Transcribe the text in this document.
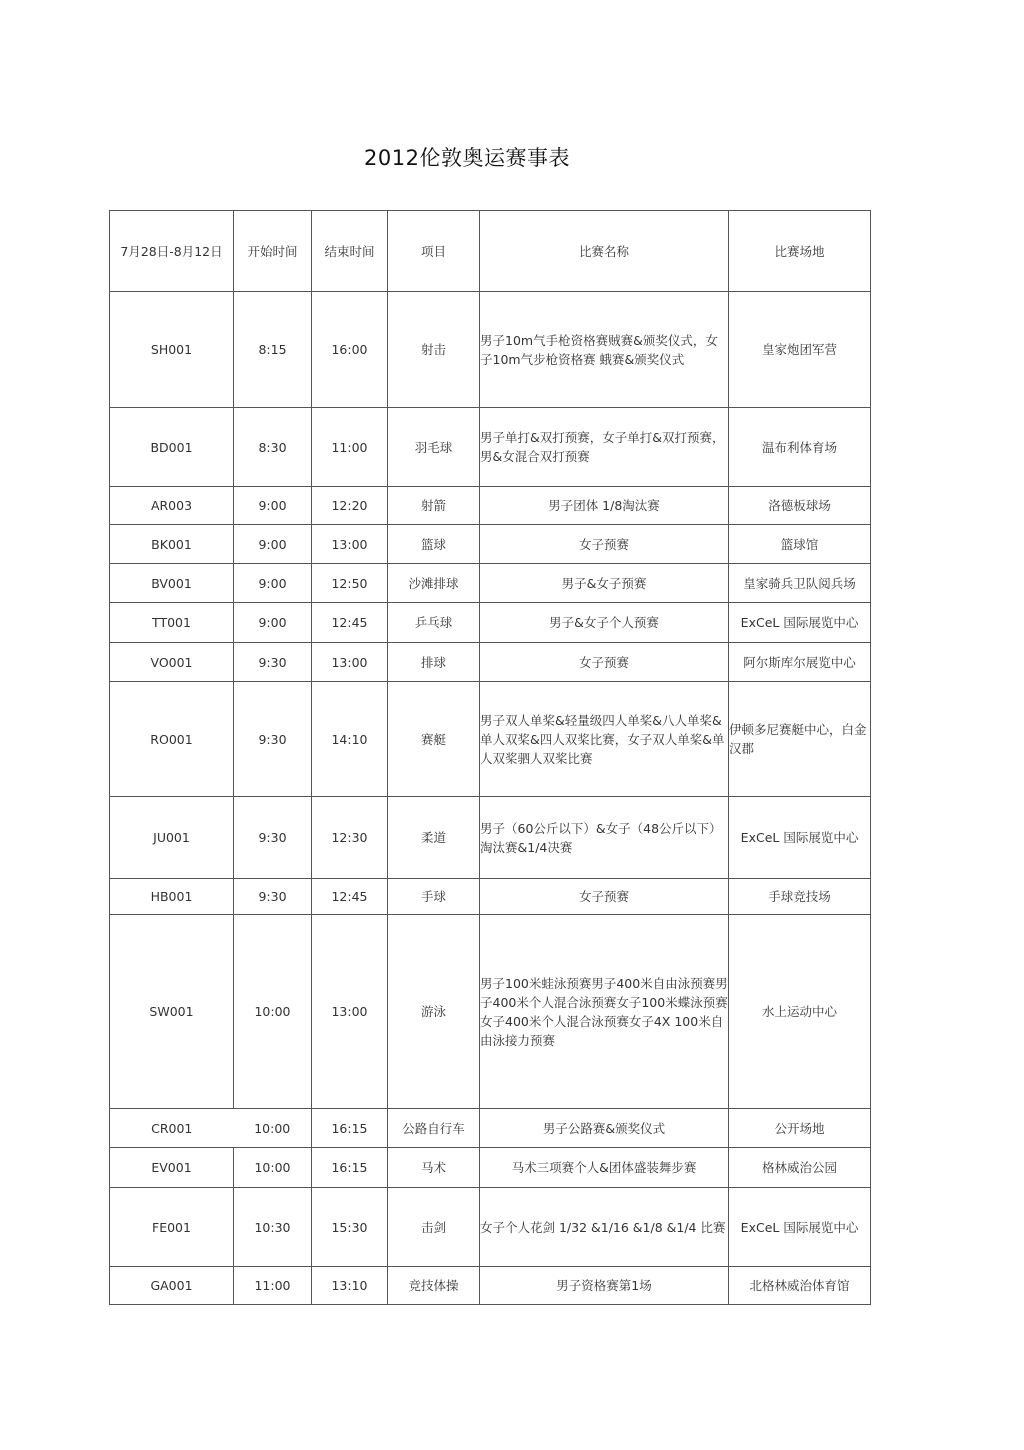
2012伦敦奥运赛事表
7月28日-8月12日	开始时间	结束时间	项目	比赛名称	比赛场地
SH001	8:15	16:00	射击	男子10m气手枪资格赛贼赛&颁奖仪式，女子10m气步枪资格赛 蛾赛&颁奖仪式	皇家炮团军营
BD001	8:30	11:00	羽毛球	男子单打&双打预赛，女子单打&双打预赛，男&女混合双打预赛	温布利体育场
AR003	9:00	12:20	射箭	男子团体 1/8淘汰赛	洛德板球场
BK001	9:00	13:00	篮球	女子预赛	篮球馆
BV001	9:00	12:50	沙滩排球	男子&女子预赛	皇家骑兵卫队阅兵场
TT001	9:00	12:45	乒乓球	男子&女子个人预赛	ExCeL 国际展览中心
VO001	9:30	13:00	排球	女子预赛	阿尔斯库尔展览中心
RO001	9:30	14:10	赛艇	男子双人单桨&轻量级四人单桨&八人单桨&单人双桨&四人双桨比赛，女子双人单桨&单人双桨驷人双桨比赛	伊顿多尼赛艇中心，白金汉郡
JU001	9:30	12:30	柔道	男子（60公斤以下）&女子（48公斤以下）淘汰赛&1/4决赛	ExCeL 国际展览中心
HB001	9:30	12:45	手球	女子预赛	手球竞技场
SW001	10:00	13:00	游泳	男子100米蛙泳预赛男子400米自由泳预赛男子400米个人混合泳预赛女子100米蝶泳预赛女子400米个人混合泳预赛女子4X 100米自由泳接力预赛	水上运动中心
CR001	10:00	16:15	公路自行车	男子公路赛&颁奖仪式	公开场地
EV001	10:00	16:15	马术	马术三项赛个人&团体盛装舞步赛	格林威治公园
FE001	10:30	15:30	击剑	女子个人花剑 1/32 &1/16 &1/8 &1/4 比赛	ExCeL 国际展览中心
GA001	11:00	13:10	竞技体操	男子资格赛第1场	北格林威治体育馆
